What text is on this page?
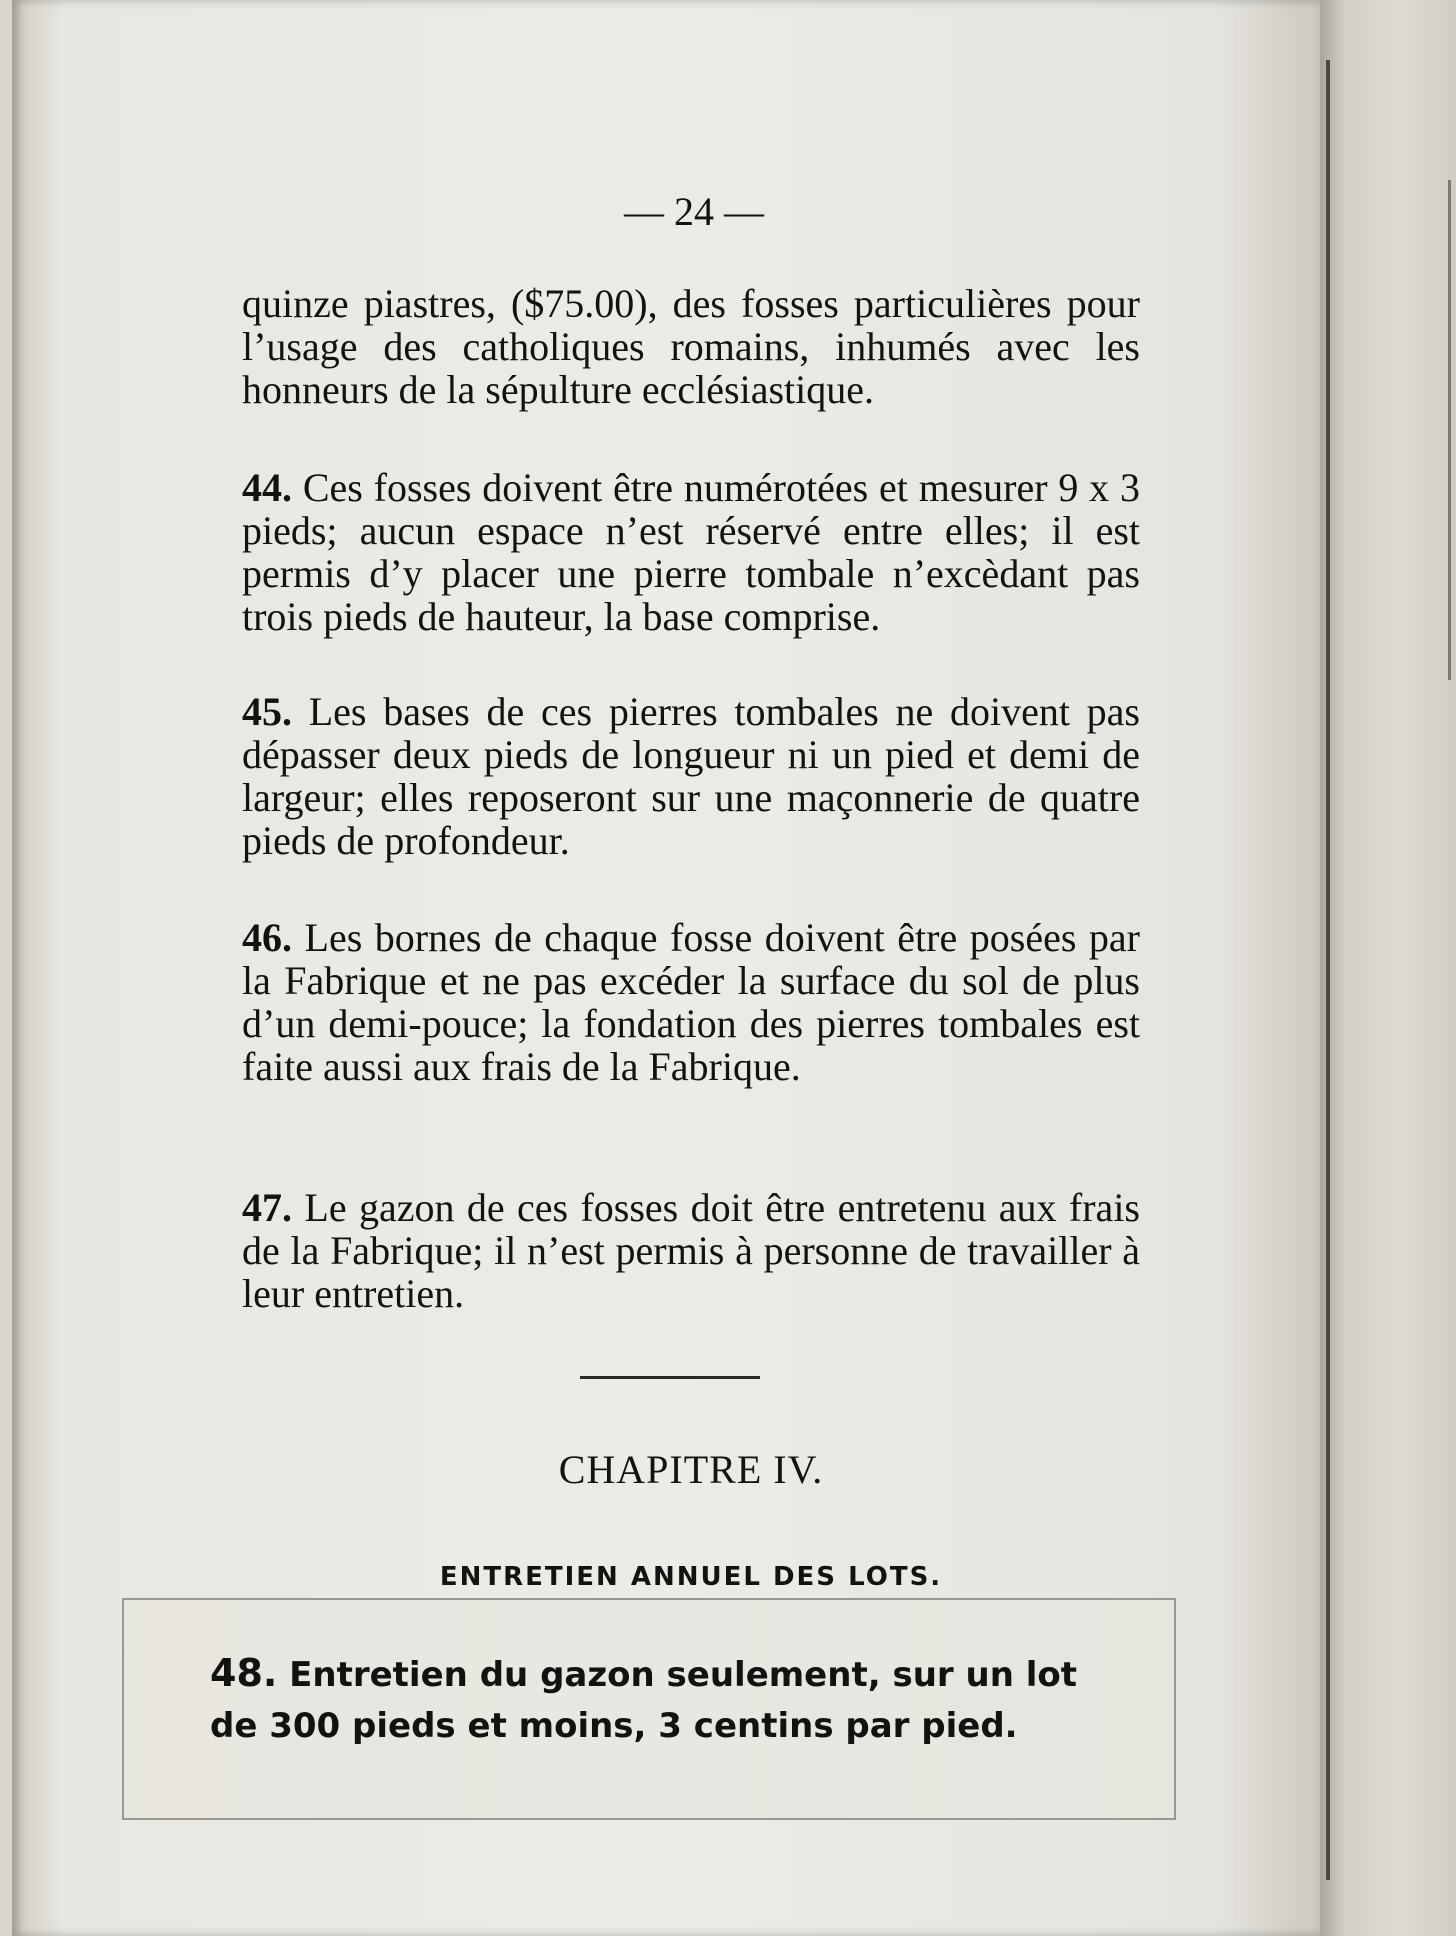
— 24 —

quinze piastres, ($75.00), des fosses particulières pour l’usage des catholiques romains, inhumés avec les honneurs de la sépulture ecclésiastique.

44. Ces fosses doivent être numérotées et mesurer 9 x 3 pieds; aucun espace n’est réservé entre elles; il est permis d’y placer une pierre tombale n’excèdant pas trois pieds de hauteur, la base comprise.

45. Les bases de ces pierres tombales ne doivent pas dépasser deux pieds de longueur ni un pied et demi de largeur; elles reposeront sur une maçonnerie de quatre pieds de profondeur.

46. Les bornes de chaque fosse doivent être posées par la Fabrique et ne pas excéder la surface du sol de plus d’un demi-pouce; la fondation des pierres tombales est faite aussi aux frais de la Fabrique.

47. Le gazon de ces fosses doit être entretenu aux frais de la Fabrique; il n’est permis à personne de travailler à leur entretien.

CHAPITRE IV.
ENTRETIEN ANNUEL DES LOTS.
48. Entretien du gazon seulement, sur un lot de 300 pieds et moins, 3 centins par pied.
